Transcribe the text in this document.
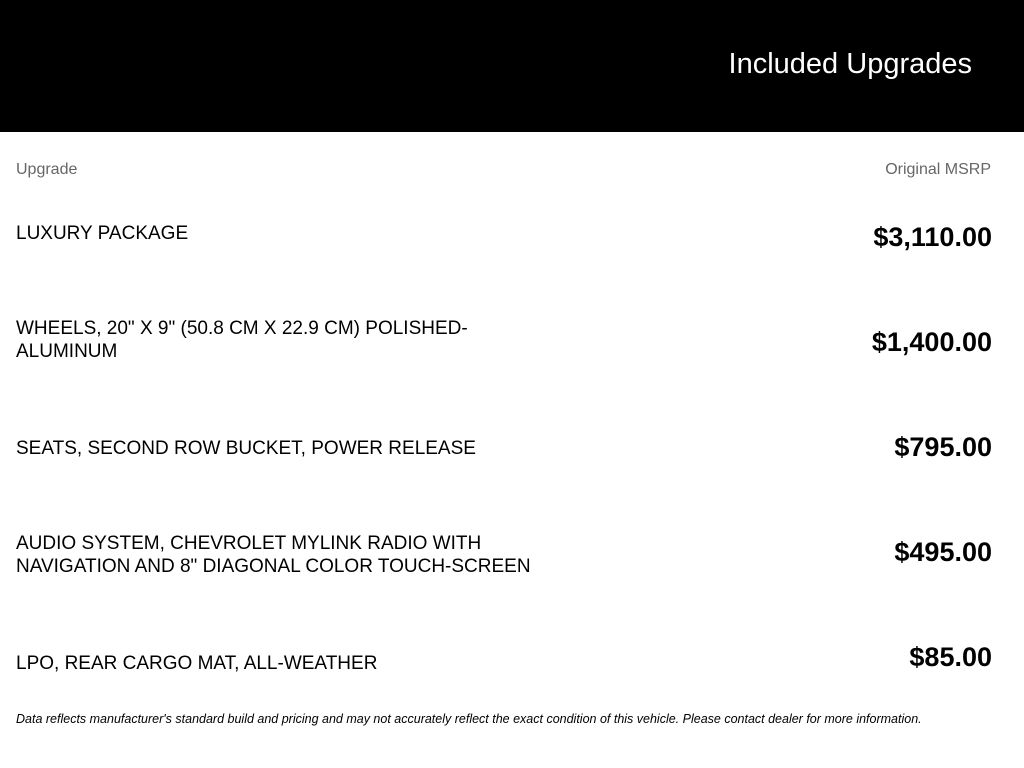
Included Upgrades
Upgrade	Original MSRP
LUXURY PACKAGE	$3,110.00
WHEELS, 20" X 9" (50.8 CM X 22.9 CM) POLISHED-ALUMINUM	$1,400.00
SEATS, SECOND ROW BUCKET, POWER RELEASE	$795.00
AUDIO SYSTEM, CHEVROLET MYLINK RADIO WITH NAVIGATION AND 8" DIAGONAL COLOR TOUCH-SCREEN	$495.00
LPO, REAR CARGO MAT, ALL-WEATHER	$85.00
Data reflects manufacturer's standard build and pricing and may not accurately reflect the exact condition of this vehicle. Please contact dealer for more information.
